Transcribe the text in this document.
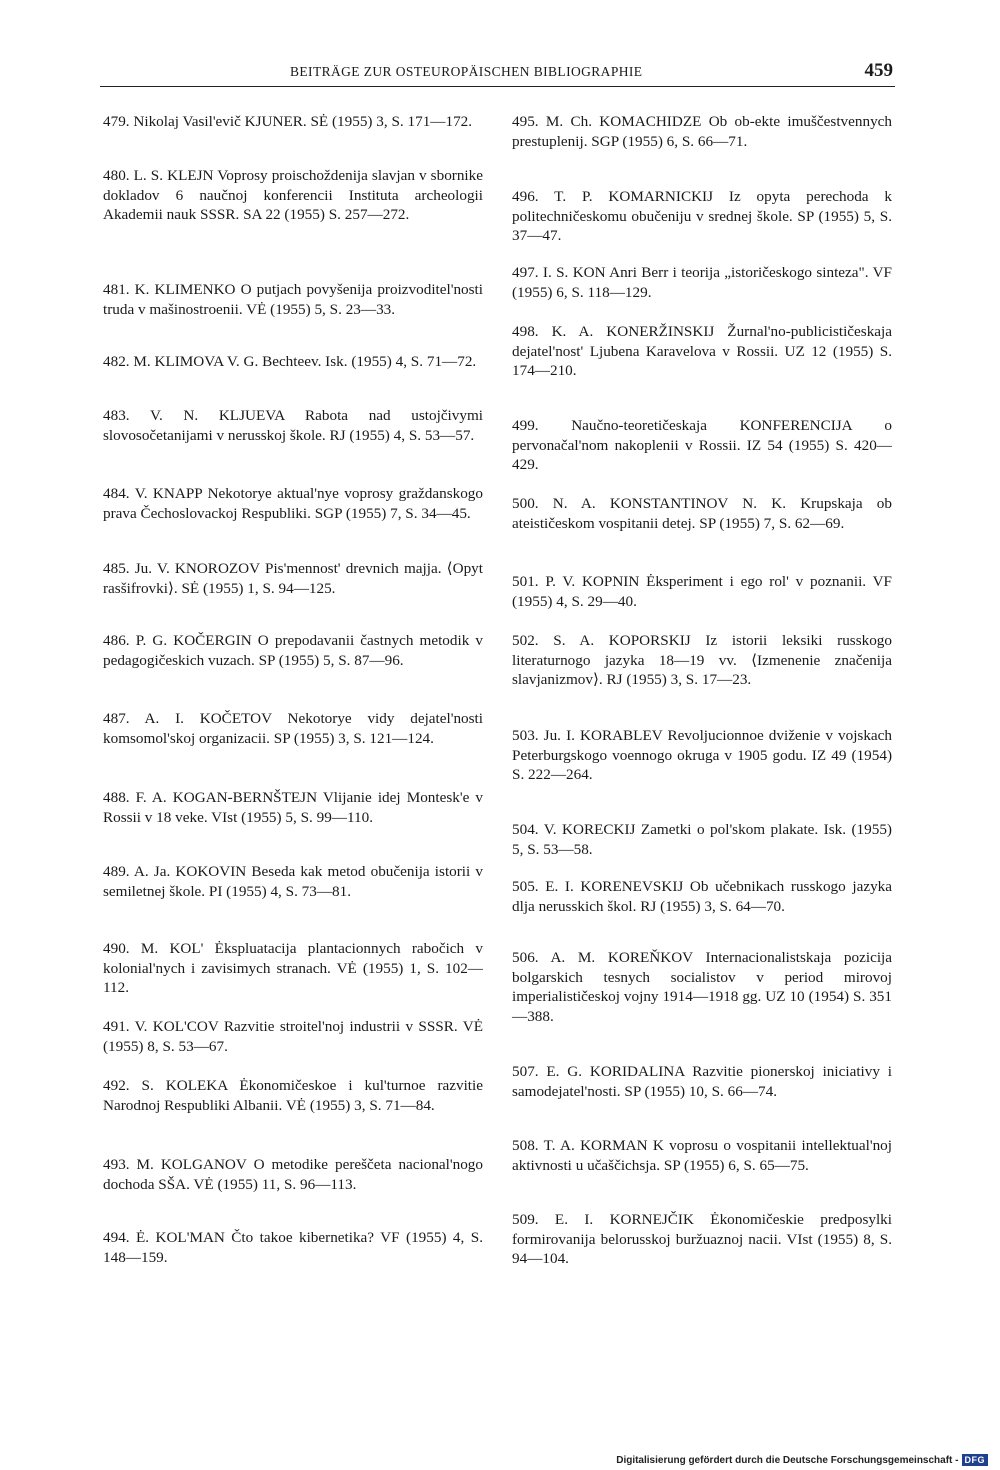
BEITRÄGE ZUR OSTEUROPÄISCHEN BIBLIOGRAPHIE	459
479. Nikolaj Vasil'evič KJUNER. SĖ (1955) 3, S. 171—172.
480. L. S. KLEJN Voprosy proischoždenija slavjan v sbornike dokladov 6 naučnoj konferencii Instituta archeologii Akademii nauk SSSR. SA 22 (1955) S. 257—272.
481. K. KLIMENKO O putjach povyšenija proizvoditel'nosti truda v mašinostroenii. VĖ (1955) 5, S. 23—33.
482. M. KLIMOVA V. G. Bechteev. Isk. (1955) 4, S. 71—72.
483. V. N. KLJUEVA Rabota nad ustojčivymi slovosočetanijami v nerusskoj škole. RJ (1955) 4, S. 53—57.
484. V. KNAPP Nekotorye aktual'nye voprosy graždanskogo prava Čechoslovackoj Respubliki. SGP (1955) 7, S. 34—45.
485. Ju. V. KNOROZOV Pis'mennost' drevnich majja. ⟨Opyt rasšifrovki⟩. SĖ (1955) 1, S. 94—125.
486. P. G. KOČERGIN O prepodavanii častnych metodik v pedagogičeskich vuzach. SP (1955) 5, S. 87—96.
487. A. I. KOČETOV Nekotorye vidy dejatel'nosti komsomol'skoj organizacii. SP (1955) 3, S. 121—124.
488. F. A. KOGAN-BERNŠTEJN Vlijanie idej Montesk'e v Rossii v 18 veke. VIst (1955) 5, S. 99—110.
489. A. Ja. KOKOVIN Beseda kak metod obučenija istorii v semiletnej škole. PI (1955) 4, S. 73—81.
490. M. KOL' Ėkspluatacija plantacionnych rabočich v kolonial'nych i zavisimych stranach. VĖ (1955) 1, S. 102—112.
491. V. KOL'COV Razvitie stroitel'noj industrii v SSSR. VĖ (1955) 8, S. 53—67.
492. S. KOLEKA Ėkonomičeskoe i kul'turnoe razvitie Narodnoj Respubliki Albanii. VĖ (1955) 3, S. 71—84.
493. M. KOLGANOV O metodike pereščeta nacional'nogo dochoda SŠA. VĖ (1955) 11, S. 96—113.
494. Ė. KOL'MAN Čto takoe kibernetika? VF (1955) 4, S. 148—159.
495. M. Ch. KOMACHIDZE Ob ob-ekte imuščestvennych prestuplenij. SGP (1955) 6, S. 66—71.
496. T. P. KOMARNICKIJ Iz opyta perechoda k politechničeskomu obučeniju v srednej škole. SP (1955) 5, S. 37—47.
497. I. S. KON Anri Berr i teorija „istoričeskogo sinteza". VF (1955) 6, S. 118—129.
498. K. A. KONERŽINSKIJ Žurnal'no-publicističeskaja dejatel'nost' Ljubena Karavelova v Rossii. UZ 12 (1955) S. 174—210.
499. Naučno-teoretičeskaja KONFERENCIJA o pervonačal'nom nakoplenii v Rossii. IZ 54 (1955) S. 420—429.
500. N. A. KONSTANTINOV N. K. Krupskaja ob ateističeskom vospitanii detej. SP (1955) 7, S. 62—69.
501. P. V. KOPNIN Ėksperiment i ego rol' v poznanii. VF (1955) 4, S. 29—40.
502. S. A. KOPORSKIJ Iz istorii leksiki russkogo literaturnogo jazyka 18—19 vv. ⟨Izmenenie značenija slavjanizmov⟩. RJ (1955) 3, S. 17—23.
503. Ju. I. KORABLEV Revoljucionnoe dviženie v vojskach Peterburgskogo voennogo okruga v 1905 godu. IZ 49 (1954) S. 222—264.
504. V. KORECKIJ Zametki o pol'skom plakate. Isk. (1955) 5, S. 53—58.
505. E. I. KORENEVSKIJ Ob učebnikach russkogo jazyka dlja nerusskich škol. RJ (1955) 3, S. 64—70.
506. A. M. KOREŇKOV Internacionalistskaja pozicija bolgarskich tesnych socialistov v period mirovoj imperialističeskoj vojny 1914—1918 gg. UZ 10 (1954) S. 351—388.
507. E. G. KORIDALINA Razvitie pionerskoj iniciativy i samodejatel'nosti. SP (1955) 10, S. 66—74.
508. T. A. KORMAN K voprosu o vospitanii intellektual'noj aktivnosti u učaščichsja. SP (1955) 6, S. 65—75.
509. E. I. KORNEJČIK Ėkonomičeskie predposylki formirovanija belorusskoj buržuaznoj nacii. VIst (1955) 8, S. 94—104.
Digitalisierung gefördert durch die Deutsche Forschungsgemeinschaft - DFG
